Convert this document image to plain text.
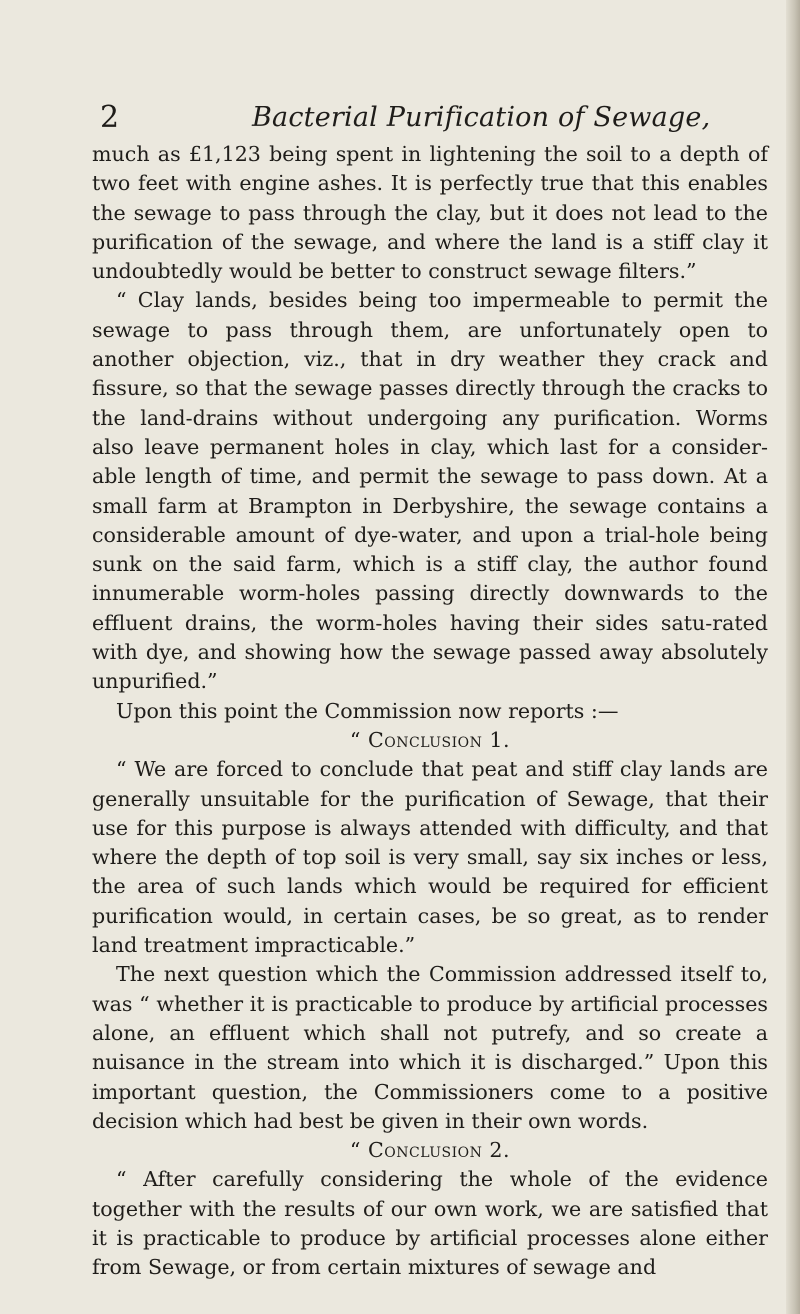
2	Bacterial Purification of Sewage,

much as £1,123 being spent in lightening the soil to a depth of two feet with engine ashes. It is perfectly true that this enables the sewage to pass through the clay, but it does not lead to the purification of the sewage, and where the land is a stiff clay it undoubtedly would be better to construct sewage filters.”

“ Clay lands, besides being too impermeable to permit the sewage to pass through them, are unfortunately open to another objection, viz., that in dry weather they crack and fissure, so that the sewage passes directly through the cracks to the land-drains without undergoing any purification. Worms also leave permanent holes in clay, which last for a consider-able length of time, and permit the sewage to pass down. At a small farm at Brampton in Derbyshire, the sewage contains a considerable amount of dye-water, and upon a trial-hole being sunk on the said farm, which is a stiff clay, the author found innumerable worm-holes passing directly downwards to the effluent drains, the worm-holes having their sides satu-rated with dye, and showing how the sewage passed away absolutely unpurified.”

Upon this point the Commission now reports :—

“ Conclusion 1.

“ We are forced to conclude that peat and stiff clay lands are generally unsuitable for the purification of Sewage, that their use for this purpose is always attended with difficulty, and that where the depth of top soil is very small, say six inches or less, the area of such lands which would be required for efficient purification would, in certain cases, be so great, as to render land treatment impracticable.”

The next question which the Commission addressed itself to, was “ whether it is practicable to produce by artificial processes alone, an effluent which shall not putrefy, and so create a nuisance in the stream into which it is discharged.” Upon this important question, the Commissioners come to a positive decision which had best be given in their own words.

“ Conclusion 2.

“ After carefully considering the whole of the evidence together with the results of our own work, we are satisfied that it is practicable to produce by artificial processes alone either from Sewage, or from certain mixtures of sewage and
